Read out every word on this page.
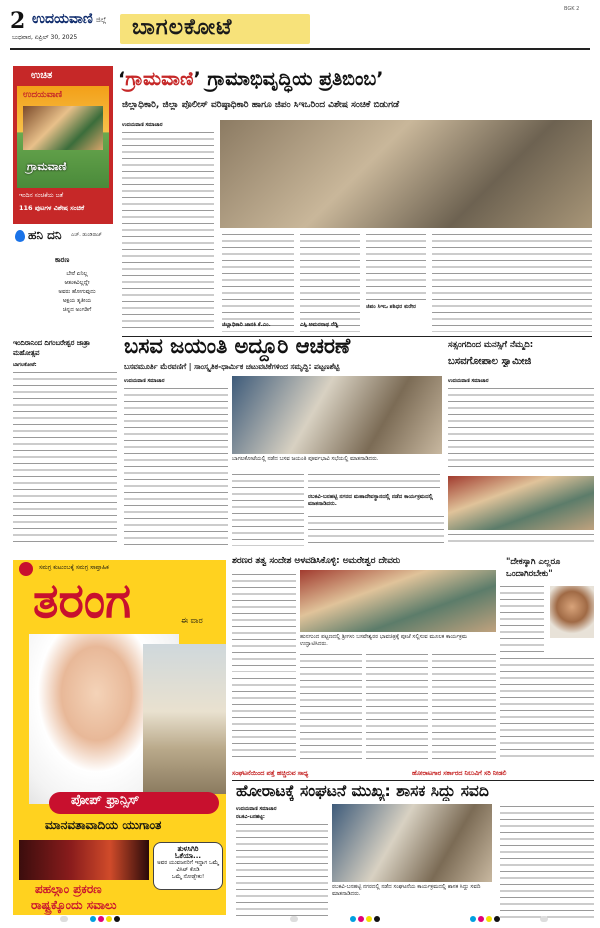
2 ಉದಯವಾಣಿ ಜಿಲ್ಲೆ
ಬುಧವಾರ, ಏಪ್ರಿಲ್ 30, 2025 ಬಾಗಲಕೋಟೆ
BGK 2
ಉಚಿತ
ಉದಯವಾಣಿ
ಗ್ರಾಮವಾಣಿ
ಇಂದಿನ ಸಂಚಿಕೆಯ ಜತೆ
116 ಪುಟಗಳ ವಿಶೇಷ ಸಂಚಿಕೆ
ಹನಿ ದನಿ ಎಚ್. ಡುಂಡಿರಾಜ್
ಕಾರಣ
ಬೇರೆ ಏನಿಲ್ಲ
ಆತಂಕವಿಲ್ಲದ್ದೇ
ಅವರು ಹೋಗುವುದು
ಅಕ್ಷಯ ತೃತೀಯ
ಚಿನ್ನದ ಅಂಗಡಿಗೆ
‘ಗ್ರಾಮವಾಣಿ’ ಗ್ರಾಮಾಭಿವೃದ್ಧಿಯ ಪ್ರತಿಬಿಂಬ’
ಜಿಲ್ಲಾಧಿಕಾರಿ, ಜಿಲ್ಲಾ ಪೊಲೀಸ್ ವರಿಷ್ಠಾಧಿಕಾರಿ ಹಾಗೂ ಜಿಪಂ ಸಿಇಒರಿಂದ ವಿಶೇಷ ಸಂಚಿಕೆ ಬಿಡುಗಡೆ
ಉದಯವಾಣಿ ಸಮಾಚಾರ
ಜಿಲ್ಲಾಧಿಕಾರಿ ಜಾನಕಿ ಕೆ.ಎಂ.	ಎಸ್ಪಿ ಅಮರನಾಥ ರೆಡ್ಡಿ
ಜಿಪಂ ಸಿಇಒ ಶಶಿಧರ ಕುರೇರ
ಬಸವ ಜಯಂತಿ ಅದ್ದೂರಿ ಆಚರಣೆ
ಬಸವಮೂರ್ತಿ ಮೆರವಣಿಗೆ | ಸಾಂಸ್ಕೃತಿಕ-ಧಾರ್ಮಿಕ ಚಟುವಟಿಕೆಗಳಿಂದ ಸಮೃದ್ಧಿ: ಪಟ್ಟಣಶೆಟ್ಟಿ
ಉದಯವಾಣಿ ಸಮಾಚಾರ
ಬಾಗಲಕೋಟೆಯಲ್ಲಿ ನಡೆದ ಬಸವ ಜಯಂತಿ ಪೂರ್ವಭಾವಿ ಸಭೆಯಲ್ಲಿ ಮಾತನಾಡಿದರು.
ರಬಕವಿ-ಬನಹಟ್ಟಿ ನಗರದ ಮಹಾದೇವಸ್ಥಾನದಲ್ಲಿ ನಡೆದ ಕಾರ್ಯಕ್ರಮದಲ್ಲಿ ಮಾತನಾಡಿದರು.
ಇಂದಿರಾನಿಂದ ದಿಗಂಬರೇಶ್ವರ ಜಾತ್ರಾ ಮಹೋತ್ಸವ
ಬಾಗಲಕೋಟೆ:
ಸತ್ಸಂಗದಿಂದ ಮನಸ್ಸಿಗೆ ನೆಮ್ಮದಿ:
ಬಸವಗೋಪಾಲ ಸ್ವಾಮೀಜಿ
ಉದಯವಾಣಿ ಸಮಾಚಾರ
ಸಮಗ್ರ ಕುಟುಂಬಕ್ಕೆ ಸಮಗ್ರ ಸಾಪ್ತಾಹಿಕ
ತರಂಗ	ಈ ವಾರ
ಪೋಪ್ ಫ್ರಾನ್ಸಿಸ್
ಮಾನವತಾವಾದಿಯ ಯುಗಾಂತ
ತುಳಸಿಗಿರಿ
ಓಕೆಯಾ...
ಅವರ ಯುವಜನರಿಗೆ ಇದ್ದಾಗ ಒಮ್ಮೆ ವಿಸಿಟ್ ಕೊಡಿ
ಒಮ್ಮೆ ನೋಡ್ಬೇಕು!
ಪಹಲ್ಗಾಂ ಪ್ರಕರಣ
ರಾಷ್ಟ್ರಕ್ಕೊಂದು ಸವಾಲು
ಶರಣರ ತತ್ವ ಸಂದೇಶ ಅಳವಡಿಸಿಕೊಳ್ಳಿ: ಅಮರೇಶ್ವರ ದೇವರು
ಹುನಗುಂದ ಪಟ್ಟಣದಲ್ಲಿ ಶ್ರೀಗಳು ಬಸವೇಶ್ವರರ ಭಾವಚಿತ್ರಕ್ಕೆ ಪೂಜೆ ಸಲ್ಲಿಸುವ ಮೂಲಕ ಕಾರ್ಯಕ್ರಮ ಉದ್ಘಾಟಿಸಿದರು.
"ದೇಕಸ್ಕಾಗಿ ಎಲ್ಲರೂ ಒಂದಾಗಿರಬೇಕು"
ಸಂಘಟನೆಯಿಂದ ಪತ್ತೆ ಹಚ್ಚಿರುವ ಸಾಧ್ಯ	ಹೋರಾಟಗಾರ ಸರ್ಕಾರದ ನಿಲುವಿಗೆ ಸರಿ ನೀಡಲಿ
ಹೋರಾಟಕ್ಕೆ ಸಂಘಟನೆ ಮುಖ್ಯ: ಶಾಸಕ ಸಿದ್ದು ಸವದಿ
ಉದಯವಾಣಿ ಸಮಾಚಾರ
ರಬಕವಿ-ಬನಹಟ್ಟಿ:
ರಬಕವಿ-ಬನಹಟ್ಟಿ ನಗರದಲ್ಲಿ ನಡೆದ ಸಂಘಟನೆಯ ಕಾರ್ಯಕ್ರಮದಲ್ಲಿ ಶಾಸಕ ಸಿದ್ದು ಸವದಿ ಮಾತನಾಡಿದರು.
